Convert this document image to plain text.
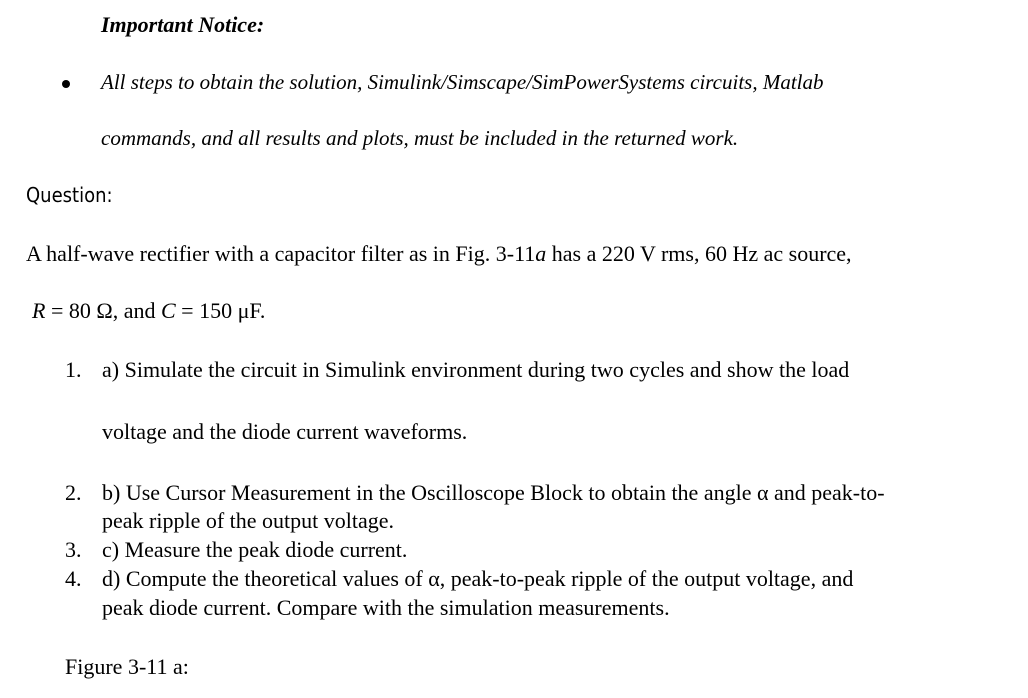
Important Notice:
All steps to obtain the solution, Simulink/Simscape/SimPowerSystems circuits, Matlab
commands, and all results and plots, must be included in the returned work.
Question:
A half-wave rectifier with a capacitor filter as in Fig. 3-11a has a 220 V rms, 60 Hz ac source,
R = 80 Ω, and C = 150 μF.
1. a) Simulate the circuit in Simulink environment during two cycles and show the load
voltage and the diode current waveforms.
2. b) Use Cursor Measurement in the Oscilloscope Block to obtain the angle α and peak-to-
peak ripple of the output voltage.
3. c) Measure the peak diode current.
4. d) Compute the theoretical values of α, peak-to-peak ripple of the output voltage, and
peak diode current. Compare with the simulation measurements.
Figure 3-11 a:
